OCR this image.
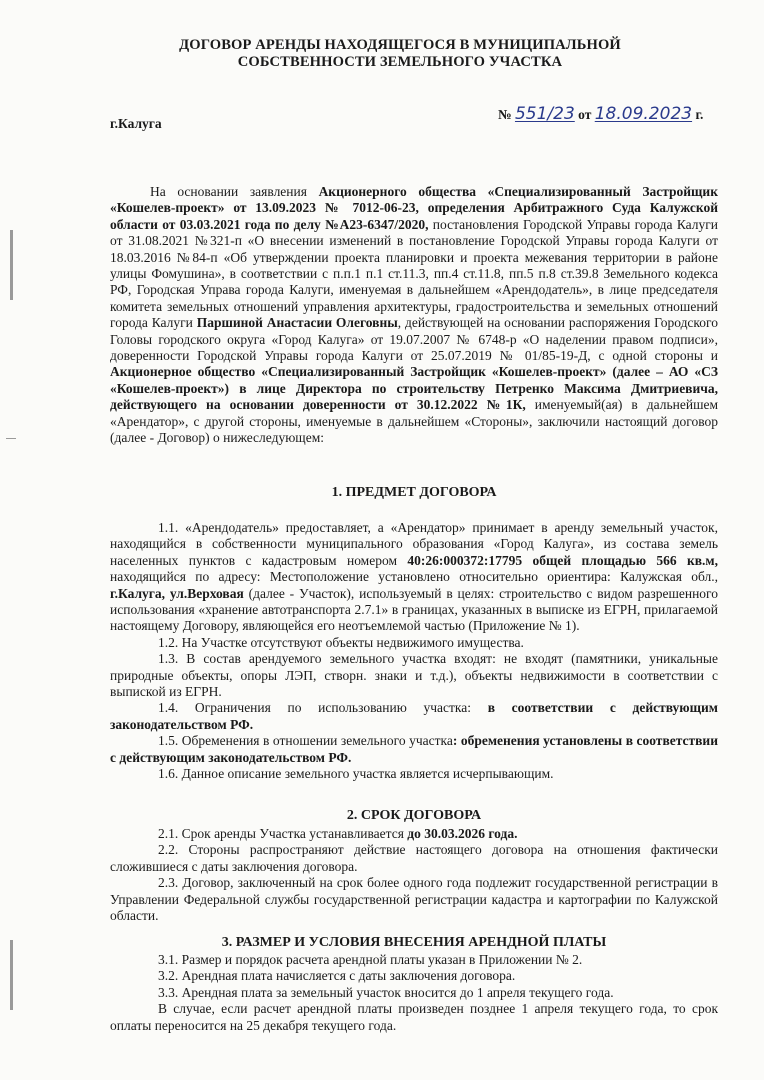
ДОГОВОР АРЕНДЫ НАХОДЯЩЕГОСЯ В МУНИЦИПАЛЬНОЙ
СОБСТВЕННОСТИ ЗЕМЕЛЬНОГО УЧАСТКА
г.Калуга
№ 551/23 от 18.09.2023 г.

На основании заявления Акционерного общества «Специализированный Застройщик «Кошелев-проект» от 13.09.2023 № 7012-06-23, определения Арбитражного Суда Калужской области от 03.03.2021 года по делу №А23-6347/2020, постановления Городской Управы города Калуги от 31.08.2021 №321-п «О внесении изменений в постановление Городской Управы города Калуги от 18.03.2016 №84-п «Об утверждении проекта планировки и проекта межевания территории в районе улицы Фомушина», в соответствии с п.п.1 п.1 ст.11.3, пп.4 ст.11.8, пп.5 п.8 ст.39.8 Земельного кодекса РФ, Городская Управа города Калуги, именуемая в дальнейшем «Арендодатель», в лице председателя комитета земельных отношений управления архитектуры, градостроительства и земельных отношений города Калуги Паршиной Анастасии Олеговны, действующей на основании распоряжения Городского Головы городского округа «Город Калуга» от 19.07.2007 № 6748-р «О наделении правом подписи», доверенности Городской Управы города Калуги от 25.07.2019 № 01/85-19-Д, с одной стороны и Акционерное общество «Специализированный Застройщик «Кошелев-проект» (далее – АО «СЗ «Кошелев-проект») в лице Директора по строительству Петренко Максима Дмитриевича, действующего на основании доверенности от 30.12.2022 №1К, именуемый(ая) в дальнейшем «Арендатор», с другой стороны, именуемые в дальнейшем «Стороны», заключили настоящий договор (далее - Договор) о нижеследующем:

1. ПРЕДМЕТ ДОГОВОРА

1.1. «Арендодатель» предоставляет, а «Арендатор» принимает в аренду земельный участок, находящийся в собственности муниципального образования «Город Калуга», из состава земель населенных пунктов с кадастровым номером 40:26:000372:17795 общей площадью 566 кв.м, находящийся по адресу: Местоположение установлено относительно ориентира: Калужская обл., г.Калуга, ул.Верховая (далее - Участок), используемый в целях: строительство с видом разрешенного использования «хранение автотранспорта 2.7.1» в границах, указанных в выписке из ЕГРН, прилагаемой настоящему Договору, являющейся его неотъемлемой частью (Приложение № 1).

1.2. На Участке отсутствуют объекты недвижимого имущества.

1.3. В состав арендуемого земельного участка входят: не входят (памятники, уникальные природные объекты, опоры ЛЭП, створн. знаки и т.д.), объекты недвижимости в соответствии с выпиской из ЕГРН.

1.4. Ограничения по использованию участка: в соответствии с действующим законодательством РФ.

1.5. Обременения в отношении земельного участка: обременения установлены в соответствии с действующим законодательством РФ.

1.6. Данное описание земельного участка является исчерпывающим.

2. СРОК ДОГОВОРА

2.1. Срок аренды Участка устанавливается до 30.03.2026 года.

2.2. Стороны распространяют действие настоящего договора на отношения фактически сложившиеся с даты заключения договора.

2.3. Договор, заключенный на срок более одного года подлежит государственной регистрации в Управлении Федеральной службы государственной регистрации кадастра и картографии по Калужской области.

3. РАЗМЕР И УСЛОВИЯ ВНЕСЕНИЯ АРЕНДНОЙ ПЛАТЫ

3.1. Размер и порядок расчета арендной платы указан в Приложении № 2.

3.2. Арендная плата начисляется с даты заключения договора.

3.3. Арендная плата за земельный участок вносится до 1 апреля текущего года.

В случае, если расчет арендной платы произведен позднее 1 апреля текущего года, то срок оплаты переносится на 25 декабря текущего года.
